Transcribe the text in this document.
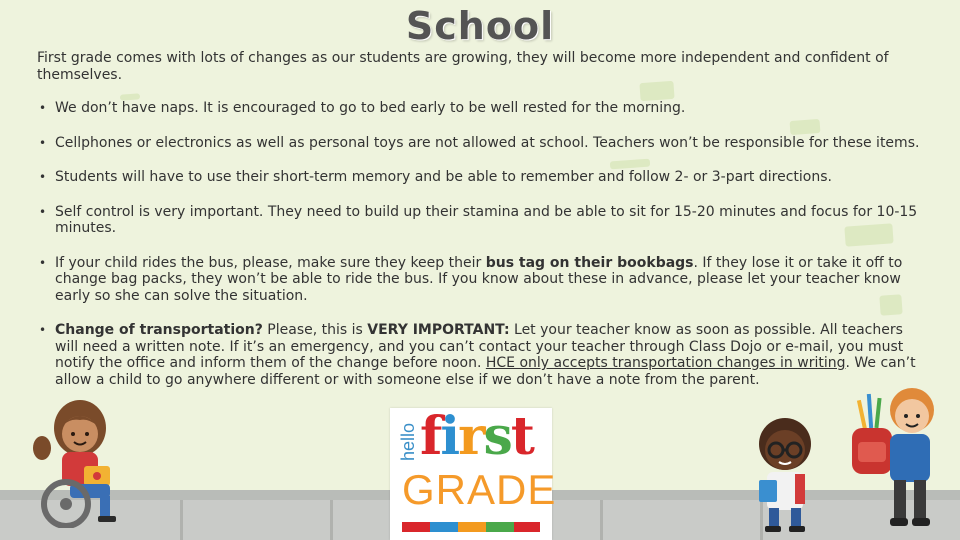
School

First grade comes with lots of changes as our students are growing, they will become more independent and confident of themselves.

• We don’t have naps. It is encouraged to go to bed early to be well rested for the morning.
• Cellphones or electronics as well as personal toys are not allowed at school. Teachers won’t be responsible for these items.
• Students will have to use their short-term memory and be able to remember and follow 2- or 3-part directions.
• Self control is very important. They need to build up their stamina and be able to sit for 15-20 minutes and focus for 10-15 minutes.
• If your child rides the bus, please, make sure they keep their bus tag on their bookbags. If they lose it or take it off to change bag packs, they won’t be able to ride the bus. If you know about these in advance, please let your teacher know early so she can solve the situation.
• Change of transportation? Please, this is VERY IMPORTANT: Let your teacher know as soon as possible. All teachers will need a written note. If it’s an emergency, and you can’t contact your teacher through Class Dojo or e-mail, you must notify the office and inform them of the change before noon. HCE only accepts transportation changes in writing. We can’t allow a child to go anywhere different or with someone else if we don’t have a note from the parent.
hello first
GRADE
